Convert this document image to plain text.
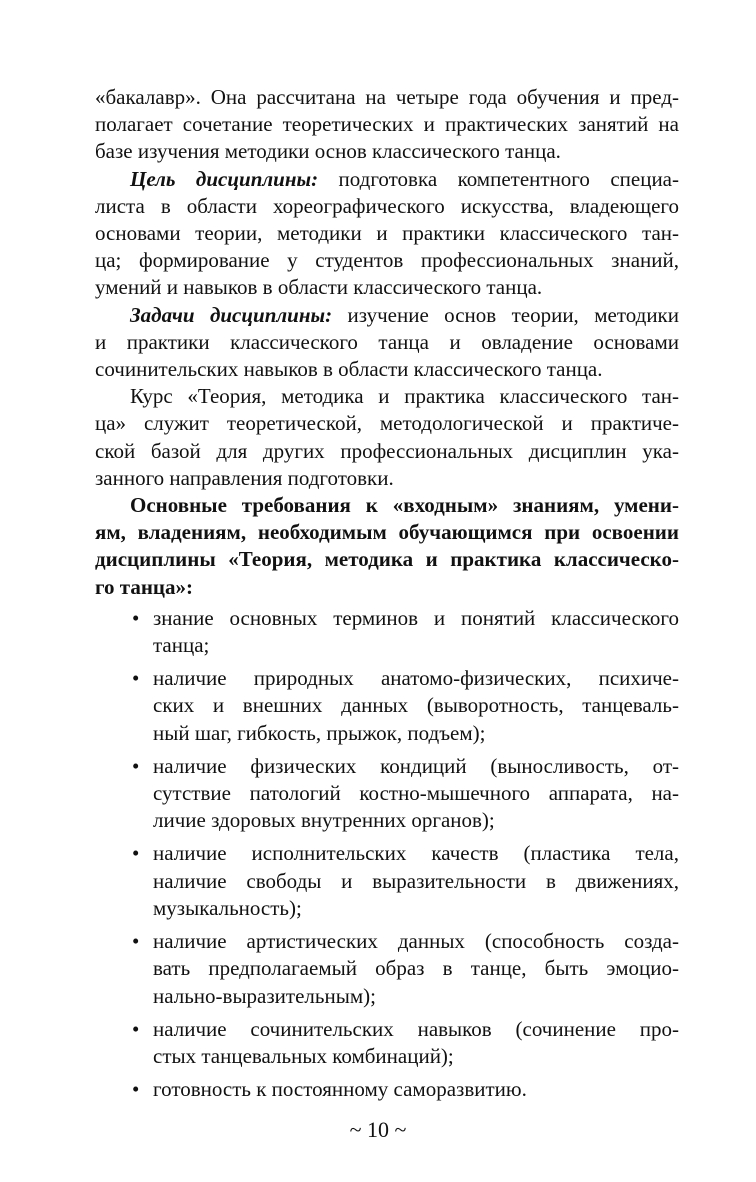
«бакалавр». Она рассчитана на четыре года обучения и пред-
полагает сочетание теоретических и практических занятий на
базе изучения методики основ классического танца.
Цель дисциплины: подготовка компетентного специа-
листа в области хореографического искусства, владеющего
основами теории, методики и практики классического тан-
ца; формирование у студентов профессиональных знаний,
умений и навыков в области классического танца.
Задачи дисциплины: изучение основ теории, методики
и практики классического танца и овладение основами
сочинительских навыков в области классического танца.
Курс «Теория, методика и практика классического тан-
ца» служит теоретической, методологической и практиче-
ской базой для других профессиональных дисциплин ука-
занного направления подготовки.
Основные требования к «входным» знаниям, умени-
ям, владениям, необходимым обучающимся при освоении
дисциплины «Теория, методика и практика классическо-
го танца»:
• знание основных терминов и понятий классического
танца;
• наличие природных анатомо-физических, психиче-
ских и внешних данных (выворотность, танцеваль-
ный шаг, гибкость, прыжок, подъем);
• наличие физических кондиций (выносливость, от-
сутствие патологий костно-мышечного аппарата, на-
личие здоровых внутренних органов);
• наличие исполнительских качеств (пластика тела,
наличие свободы и выразительности в движениях,
музыкальность);
• наличие артистических данных (способность созда-
вать предполагаемый образ в танце, быть эмоцио-
нально-выразительным);
• наличие сочинительских навыков (сочинение про-
стых танцевальных комбинаций);
• готовность к постоянному саморазвитию.
~ 10 ~
